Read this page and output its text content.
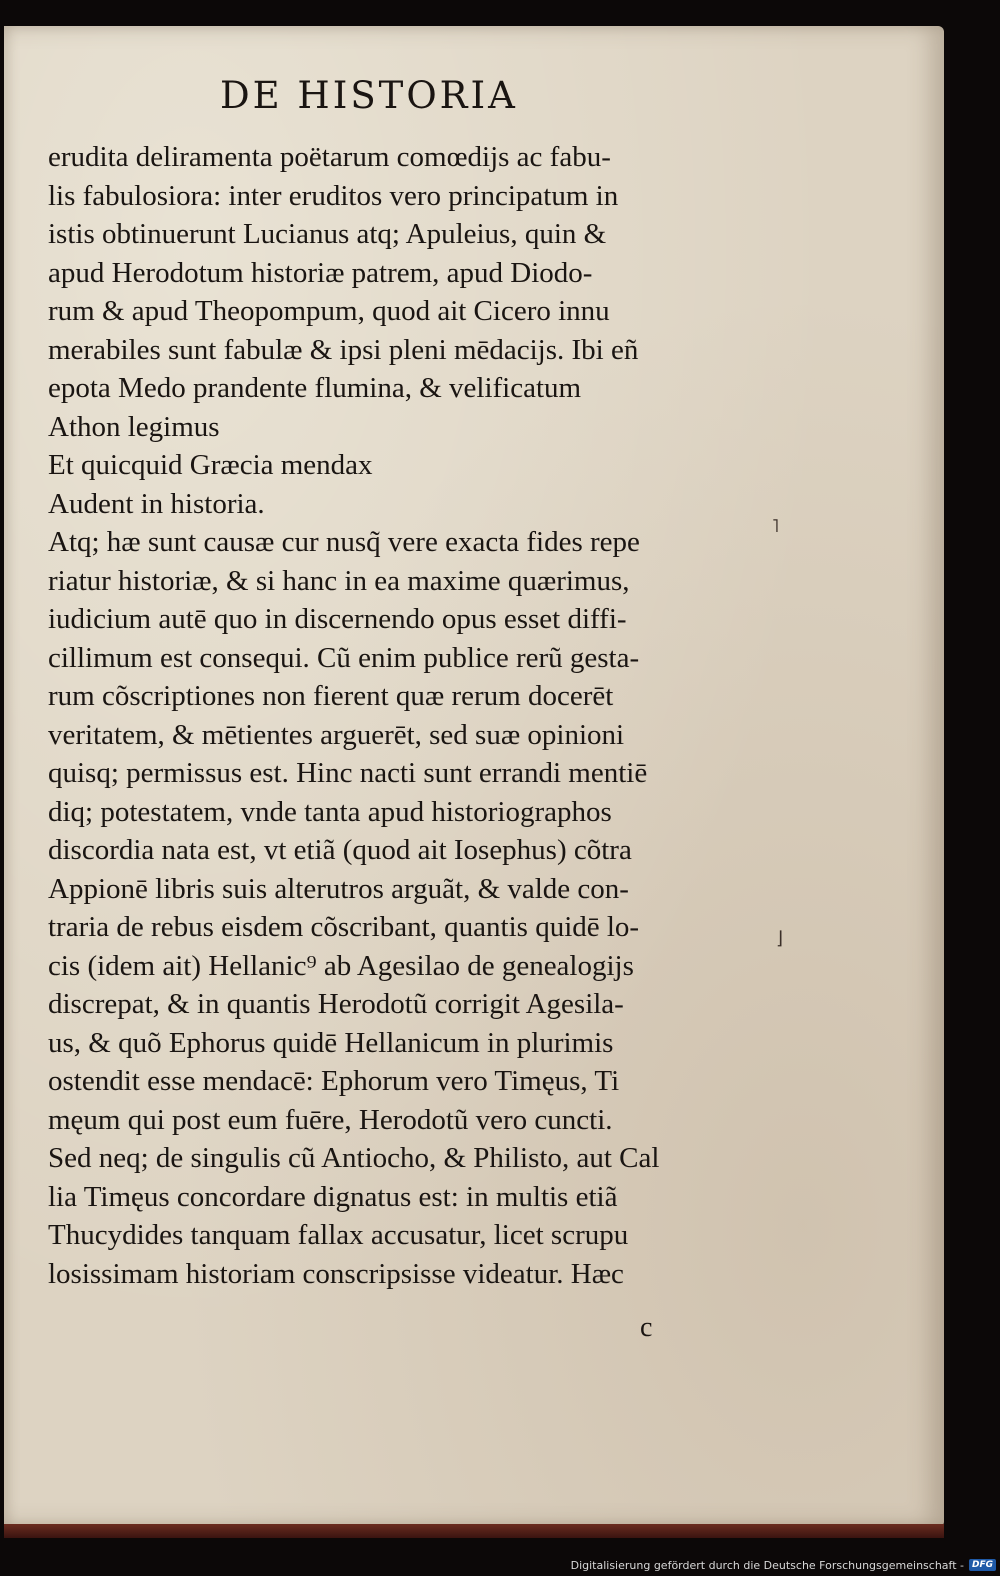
DE HISTORIA
erudita deliramenta poëtarum comœdijs ac fabu-
lis fabulosiora: inter eruditos vero principatum in
istis obtinuerunt Lucianus atq; Apuleius, quin &
apud Herodotum historiæ patrem, apud Diodo-
rum & apud Theopompum, quod ait Cicero innu
merabiles sunt fabulæ & ipsi pleni mēdacijs. Ibi eñ
epota Medo prandente flumina, & velificatum
Athon legimus
Et quicquid Græcia mendax
Audent in historia.
Atq; hæ sunt causæ cur nusq̃ vere exacta fides repe
riatur historiæ, & si hanc in ea maxime quærimus,
iudicium autē quo in discernendo opus esset diffi-
cillimum est consequi. Cũ enim publice rerũ gesta-
rum cõscriptiones non fierent quæ rerum docerēt
veritatem, & mētientes arguerēt, sed suæ opinioni
quisq; permissus est. Hinc nacti sunt errandi mentiē
diq; potestatem, vnde tanta apud historiographos
discordia nata est, vt etiã (quod ait Iosephus) cõtra
Appionē libris suis alterutros arguãt, & valde con-
traria de rebus eisdem cõscribant, quantis quidē lo-
cis (idem ait) Hellanic⁹ ab Agesilao de genealogijs
discrepat, & in quantis Herodotũ corrigit Agesila-
us, & quõ Ephorus quidē Hellanicum in plurimis
ostendit esse mendacē: Ephorum vero Timęus, Ti
męum qui post eum fuēre, Herodotũ vero cuncti.
Sed neq; de singulis cũ Antiocho, & Philisto, aut Cal
lia Timęus concordare dignatus est: in multis etiã
Thucydides tanquam fallax accusatur, licet scrupu
losissimam historiam conscripsisse videatur. Hæc
c
˥
⌋
Digitalisierung gefördert durch die Deutsche Forschungsgemeinschaft - DFG
